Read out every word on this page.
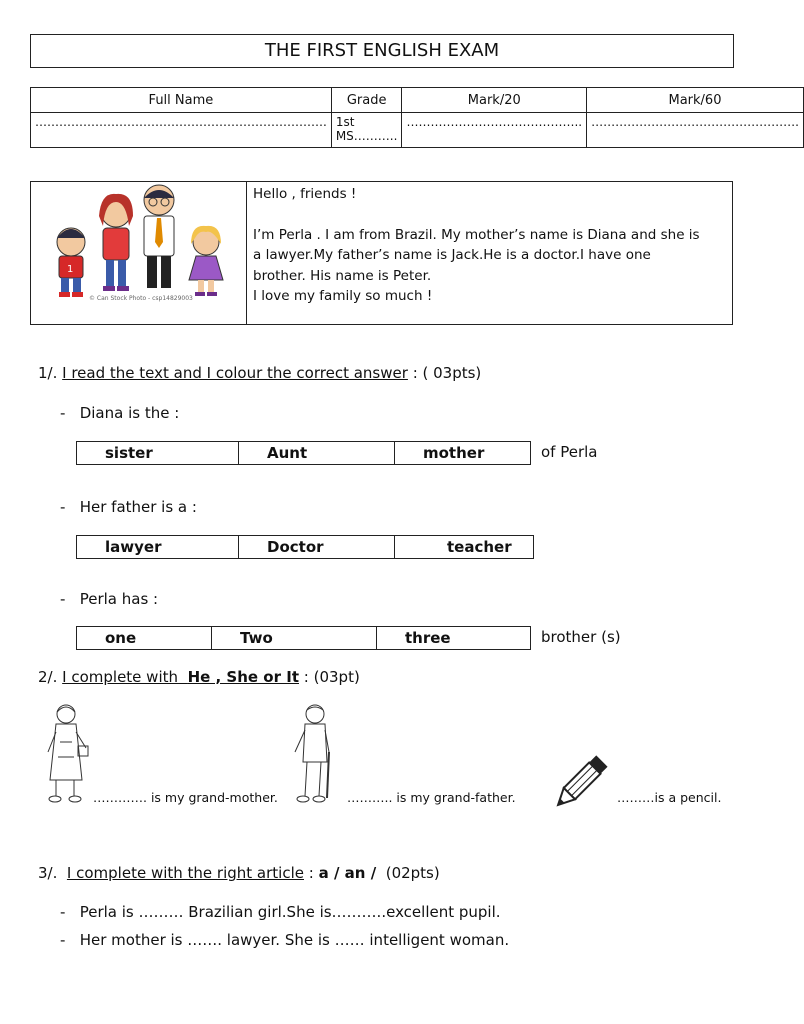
THE FIRST ENGLISH EXAM
Full Name	Grade	Mark/20	Mark/60
……………………………………………………………….	1st MS………..	……………………………………..	…………………………………………….
1
© Can Stock Photo - csp14829003
Hello , friends !
I’m Perla . I am from Brazil. My mother’s name is Diana and she is
a lawyer.My father’s name is Jack.He is a doctor.I have one
brother. His name is Peter.
I love my family so much !
1/. I read the text and I colour the correct answer : ( 03pts)
-   Diana is the :
sister	Aunt	mother	of Perla
-   Her father is a :
lawyer	Doctor	teacher
-   Perla has :
one	Two	three	brother (s)
2/. I complete with He , She or It : (03pt)
…………. is my grand-mother.	……….. is my grand-father.	………is a pencil.
3/. I complete with the right article : a / an / (02pts)
-   Perla is ……… Brazilian girl.She is………..excellent pupil.
-   Her mother is ……. lawyer. She is …… intelligent woman.
